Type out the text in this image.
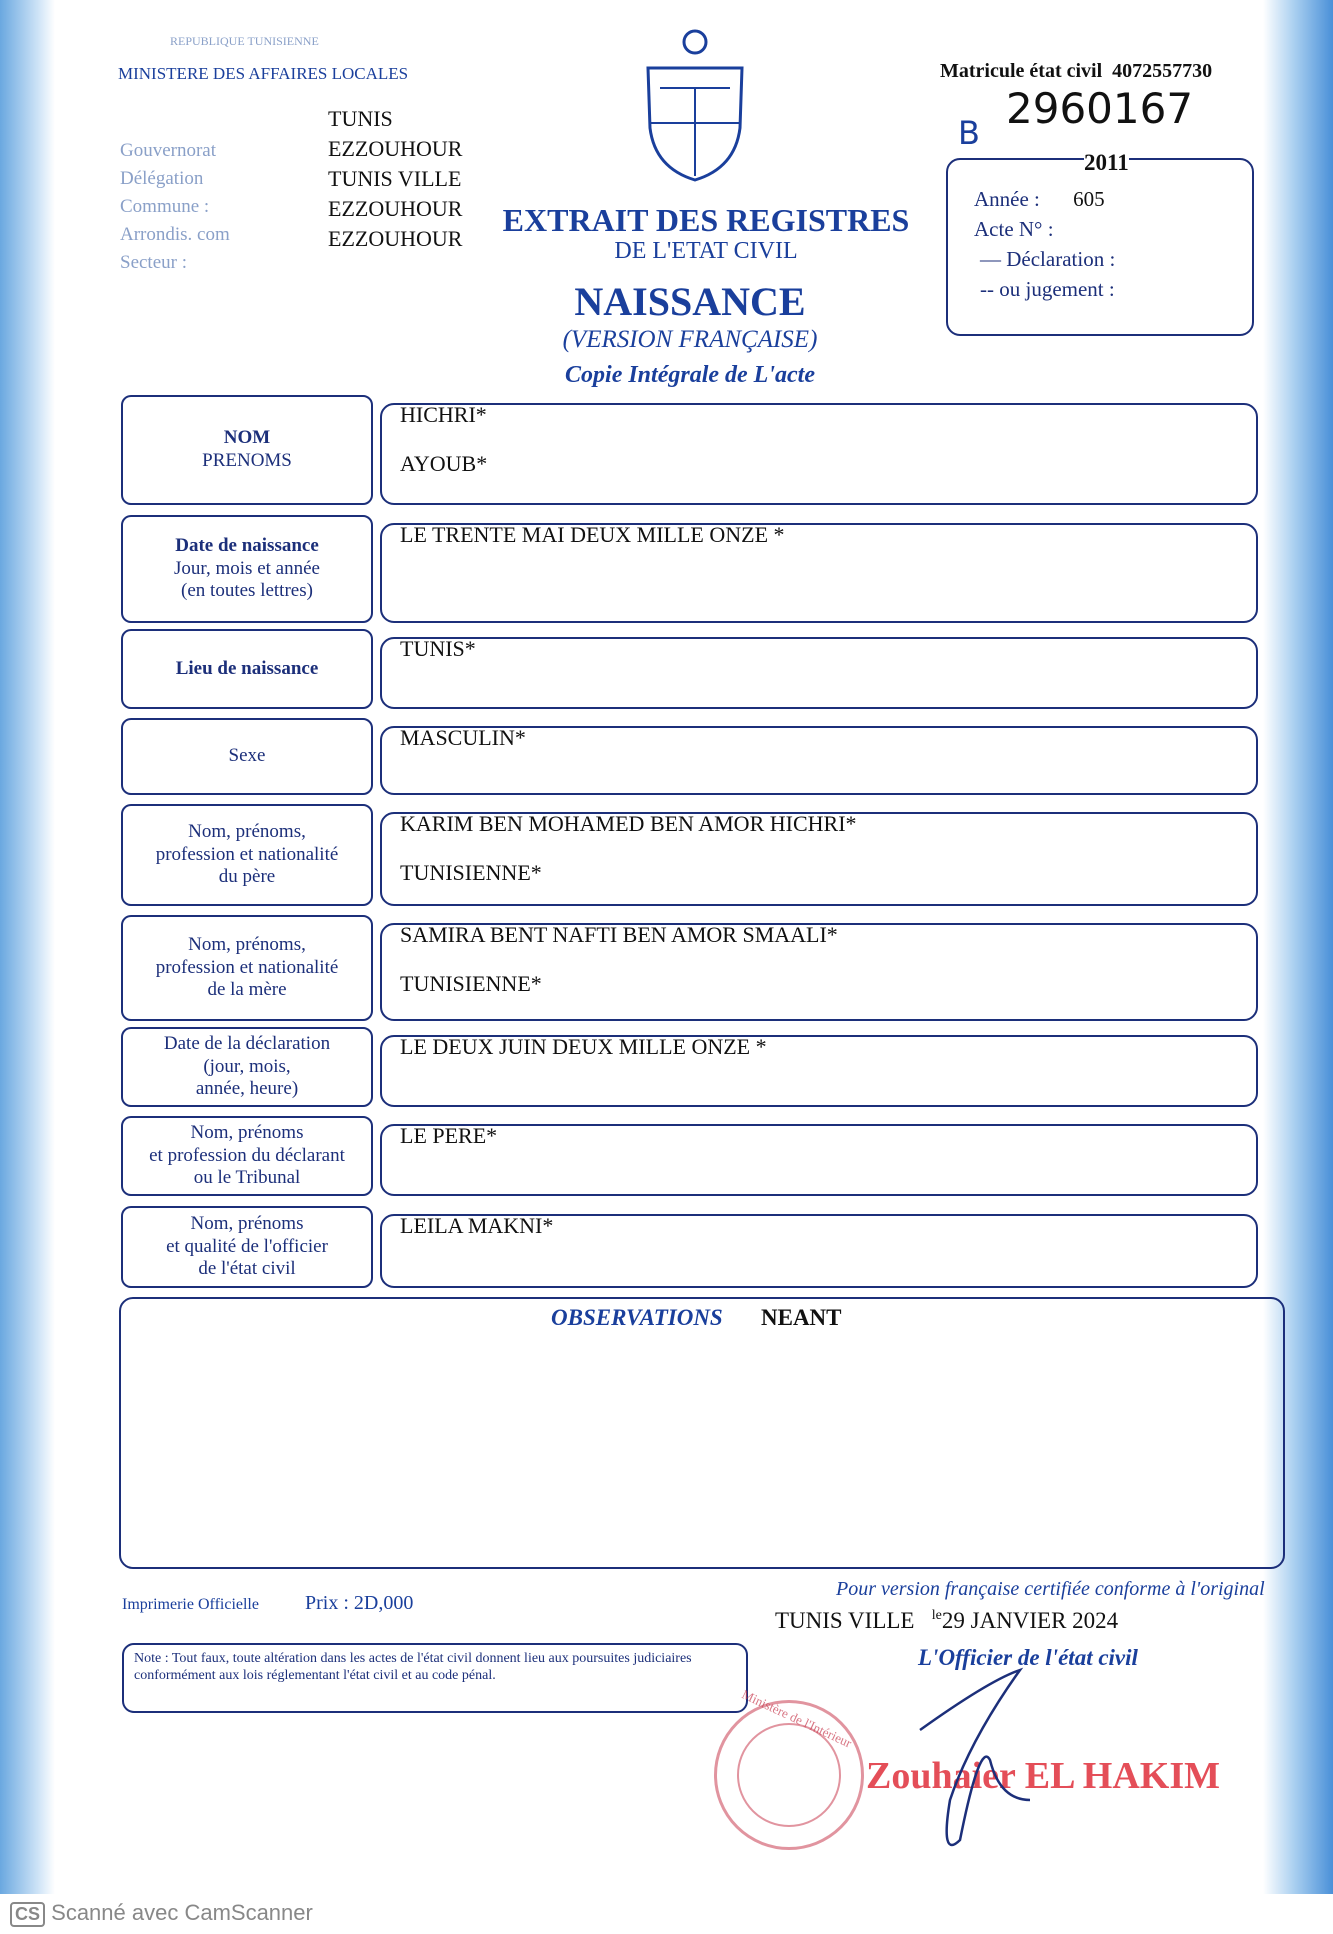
REPUBLIQUE TUNISIENNE
MINISTERE DES AFFAIRES LOCALES
Gouvernorat
Délégation
Commune :
Arrondis. com
Secteur :
TUNIS
EZZOUHOUR
TUNIS VILLE
EZZOUHOUR
EZZOUHOUR
EXTRAIT DES REGISTRES
DE L'ETAT CIVIL
NAISSANCE
(VERSION FRANÇAISE)
Copie Intégrale de L'acte
Matricule état civil 4072557730
2960167
B
2011
Année : 605
Acte N° :
— Déclaration :
-- ou jugement :
NOM
PRENOMS
HICHRI*
AYOUB*
Date de naissance
Jour, mois et année
(en toutes lettres)
LE TRENTE MAI DEUX MILLE ONZE *
Lieu de naissance
TUNIS*
Sexe
MASCULIN*
Nom, prénoms,
profession et nationalité
du père
KARIM BEN MOHAMED BEN AMOR HICHRI*
TUNISIENNE*
Nom, prénoms,
profession et nationalité
de la mère
SAMIRA BENT NAFTI BEN AMOR SMAALI*
TUNISIENNE*
Date de la déclaration
(jour, mois,
année, heure)
LE DEUX JUIN DEUX MILLE ONZE *
Nom, prénoms
et profession du déclarant
ou le Tribunal
LE PERE*
Nom, prénoms
et qualité de l'officier
de l'état civil
LEILA MAKNI*
OBSERVATIONS NEANT
Imprimerie Officielle Prix : 2D,000
Pour version française certifiée conforme à l'original
TUNIS VILLE $^{le}$29 JANVIER 2024
L'Officier de l'état civil
Note : Tout faux, toute altération dans les actes de l'état civil donnent lieu aux poursuites judiciaires conformément aux lois réglementant l'état civil et au code pénal.
Ministère de l'Intérieur
Zouhaier EL HAKIM
CS Scanné avec CamScanner
